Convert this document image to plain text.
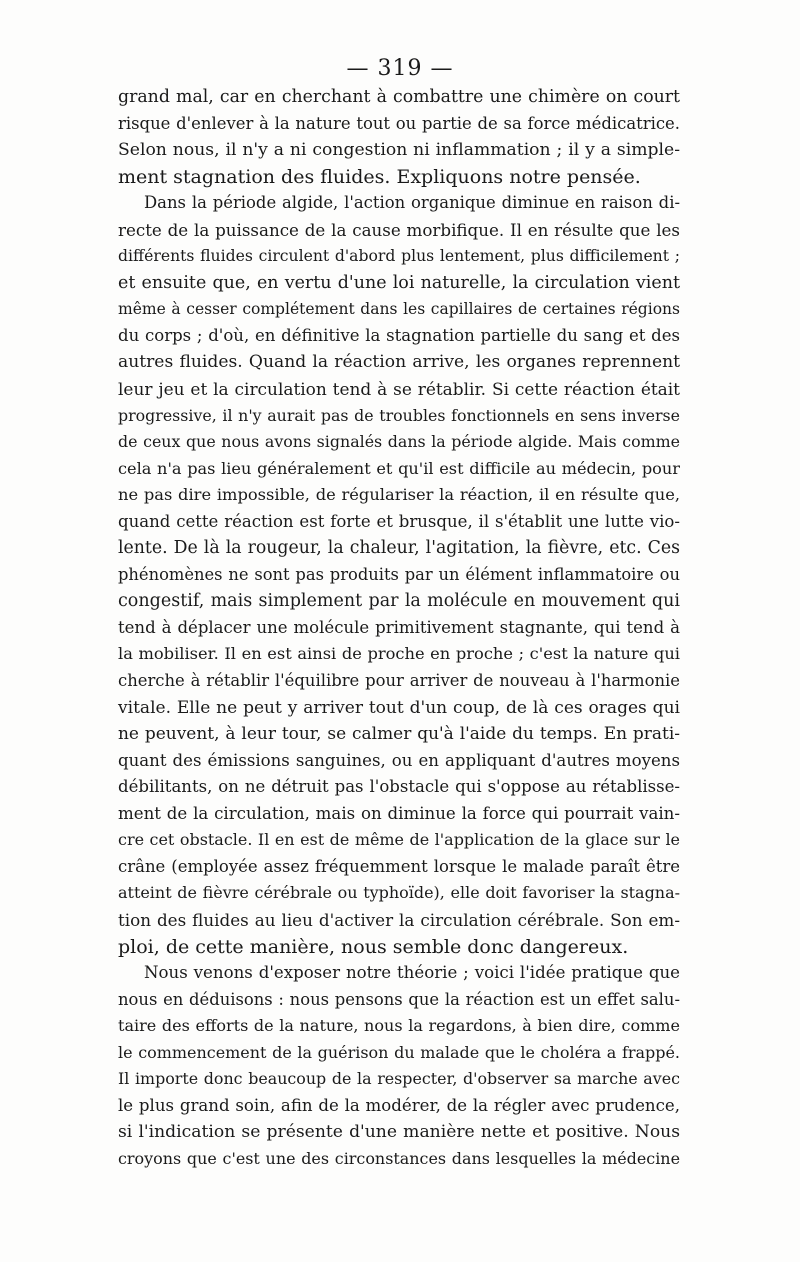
— 319 —
grand mal, car en cherchant à combattre une chimère on court
risque d'enlever à la nature tout ou partie de sa force médicatrice.
Selon nous, il n'y a ni congestion ni inflammation ; il y a simple-
ment stagnation des fluides. Expliquons notre pensée.
Dans la période algide, l'action organique diminue en raison di-
recte de la puissance de la cause morbifique. Il en résulte que les
différents fluides circulent d'abord plus lentement, plus difficilement ;
et ensuite que, en vertu d'une loi naturelle, la circulation vient
même à cesser complétement dans les capillaires de certaines régions
du corps ; d'où, en définitive la stagnation partielle du sang et des
autres fluides. Quand la réaction arrive, les organes reprennent
leur jeu et la circulation tend à se rétablir. Si cette réaction était
progressive, il n'y aurait pas de troubles fonctionnels en sens inverse
de ceux que nous avons signalés dans la période algide. Mais comme
cela n'a pas lieu généralement et qu'il est difficile au médecin, pour
ne pas dire impossible, de régulariser la réaction, il en résulte que,
quand cette réaction est forte et brusque, il s'établit une lutte vio-
lente. De là la rougeur, la chaleur, l'agitation, la fièvre, etc. Ces
phénomènes ne sont pas produits par un élément inflammatoire ou
congestif, mais simplement par la molécule en mouvement qui
tend à déplacer une molécule primitivement stagnante, qui tend à
la mobiliser. Il en est ainsi de proche en proche ; c'est la nature qui
cherche à rétablir l'équilibre pour arriver de nouveau à l'harmonie
vitale. Elle ne peut y arriver tout d'un coup, de là ces orages qui
ne peuvent, à leur tour, se calmer qu'à l'aide du temps. En prati-
quant des émissions sanguines, ou en appliquant d'autres moyens
débilitants, on ne détruit pas l'obstacle qui s'oppose au rétablisse-
ment de la circulation, mais on diminue la force qui pourrait vain-
cre cet obstacle. Il en est de même de l'application de la glace sur le
crâne (employée assez fréquemment lorsque le malade paraît être
atteint de fièvre cérébrale ou typhoïde), elle doit favoriser la stagna-
tion des fluides au lieu d'activer la circulation cérébrale. Son em-
ploi, de cette manière, nous semble donc dangereux.
Nous venons d'exposer notre théorie ; voici l'idée pratique que
nous en déduisons : nous pensons que la réaction est un effet salu-
taire des efforts de la nature, nous la regardons, à bien dire, comme
le commencement de la guérison du malade que le choléra a frappé.
Il importe donc beaucoup de la respecter, d'observer sa marche avec
le plus grand soin, afin de la modérer, de la régler avec prudence,
si l'indication se présente d'une manière nette et positive. Nous
croyons que c'est une des circonstances dans lesquelles la médecine
